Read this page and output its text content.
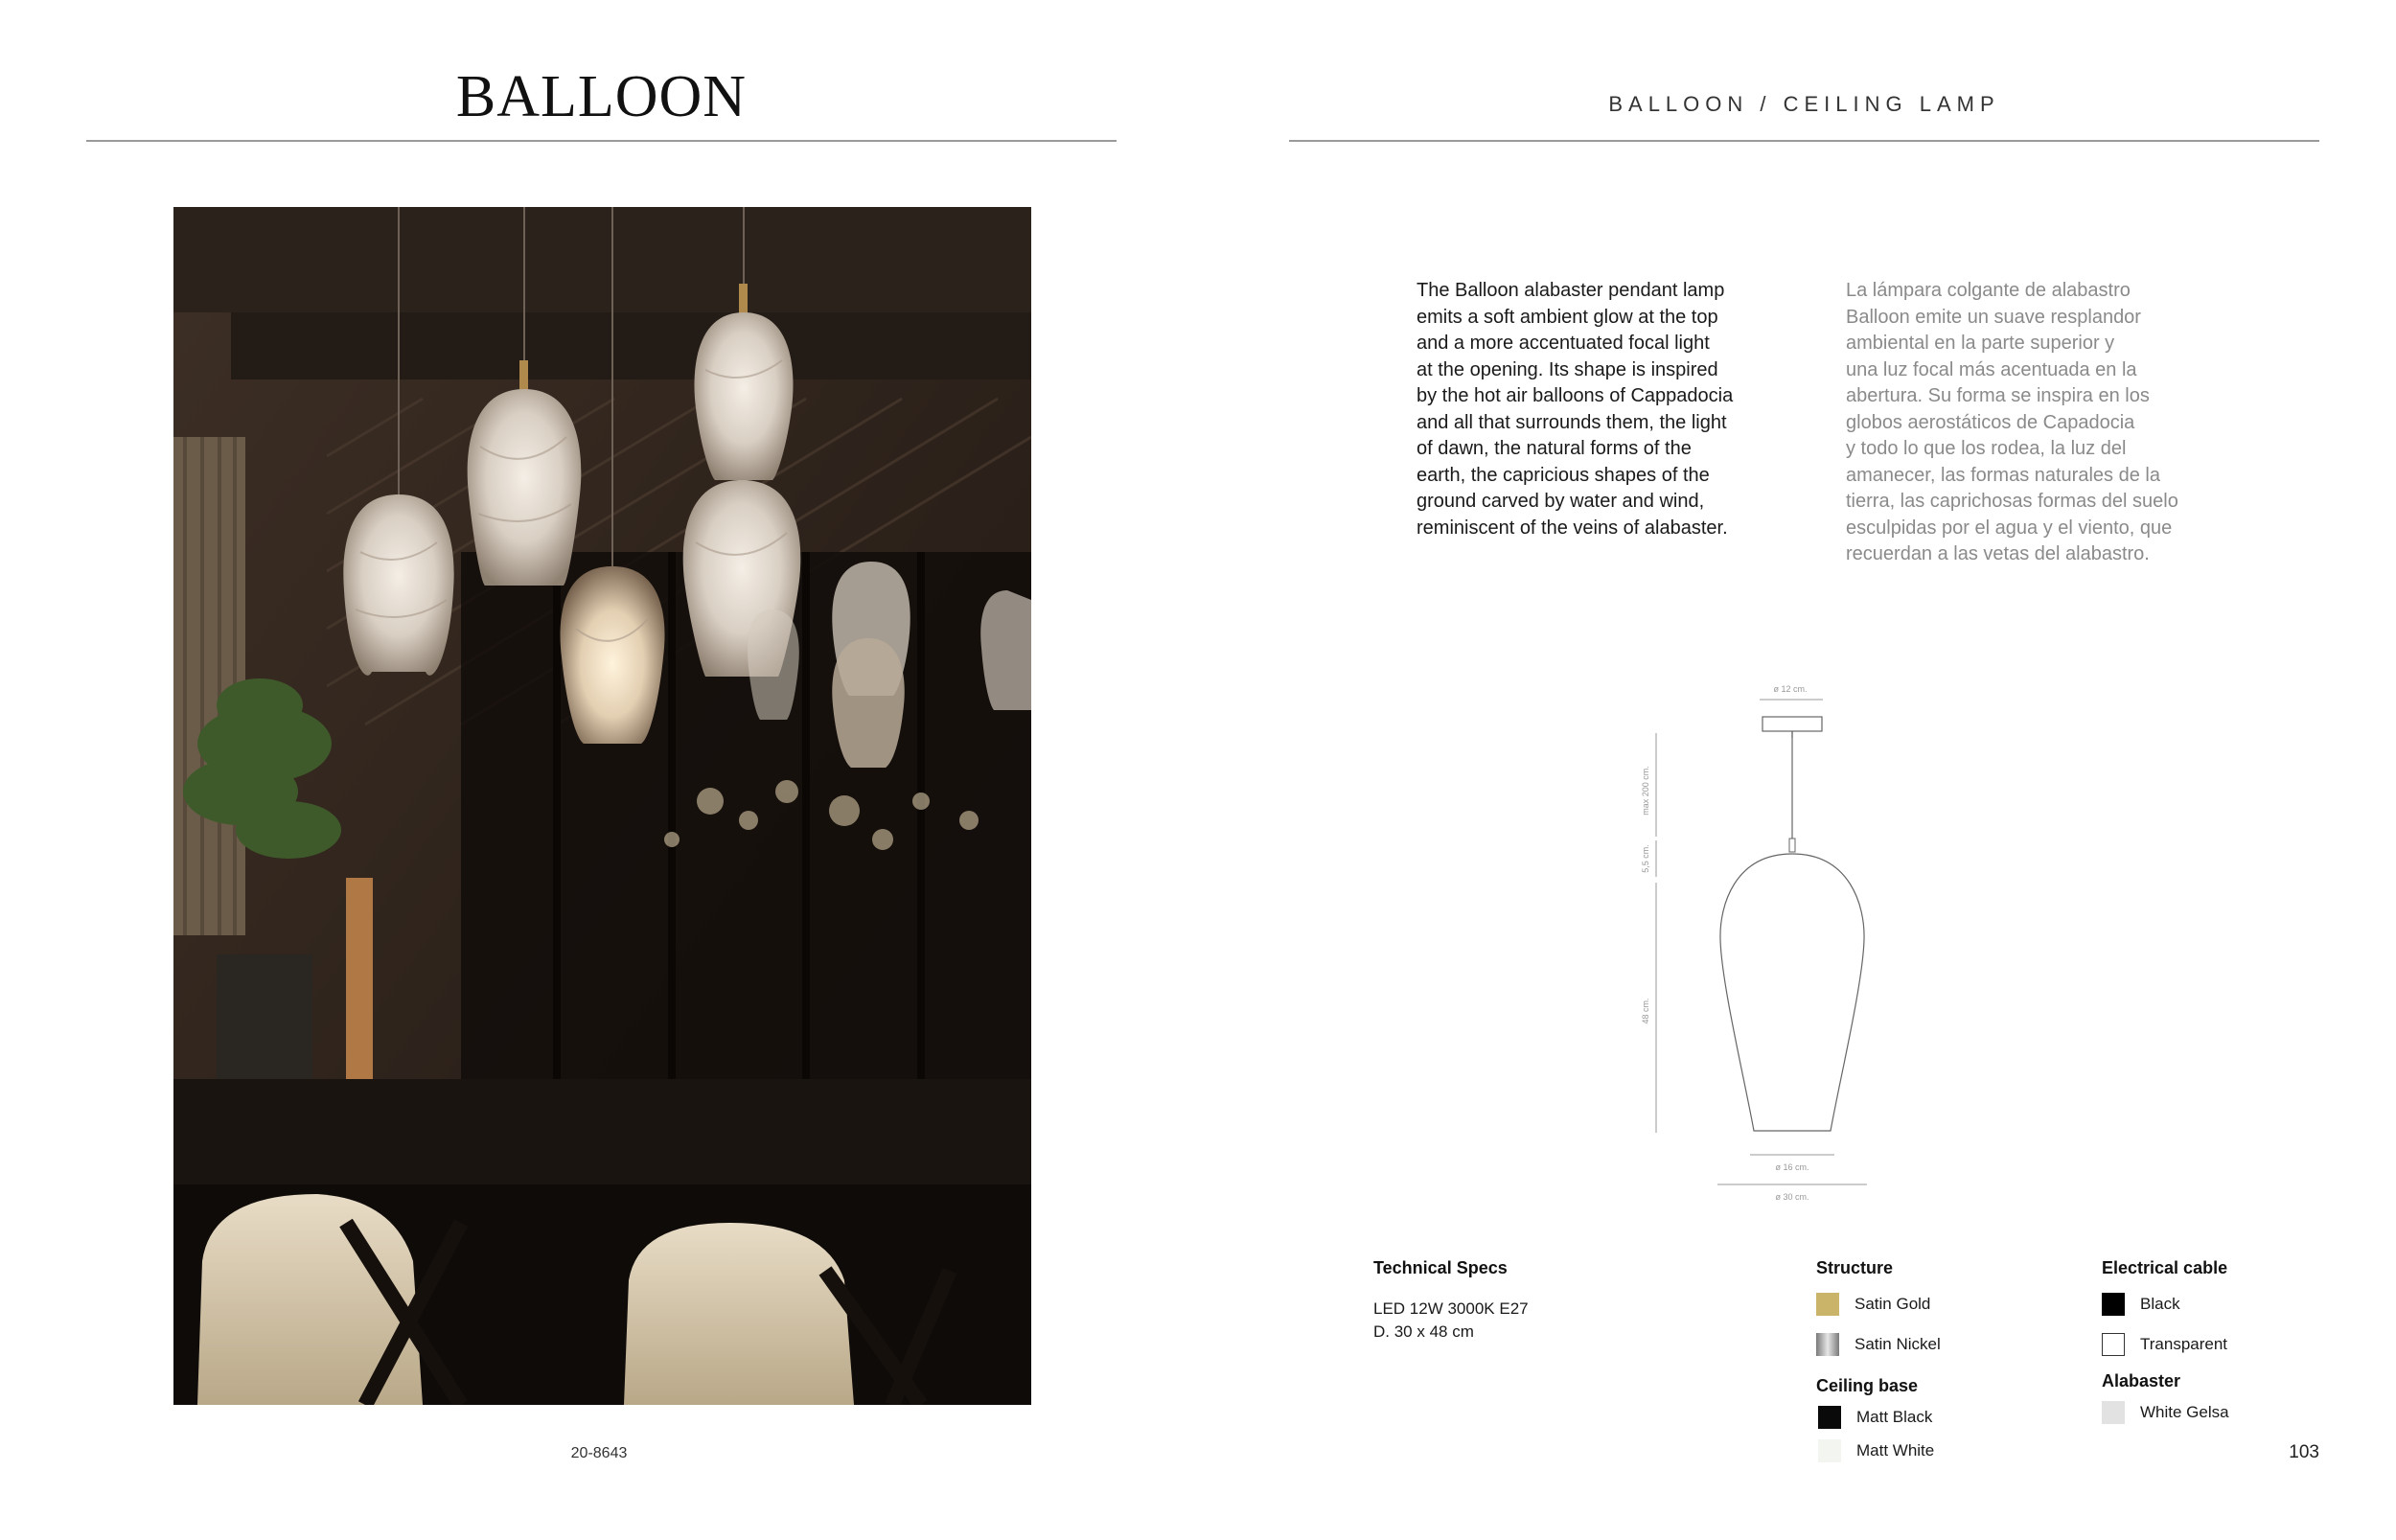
BALLOON
20-8643
BALLOON / CEILING LAMP

The Balloon alabaster pendant lamp
emits a soft ambient glow at the top
and a more accentuated focal light
at the opening. Its shape is inspired
by the hot air balloons of Cappadocia
and all that surrounds them, the light
of dawn, the natural forms of the
earth, the capricious shapes of the
ground carved by water and wind,
reminiscent of the veins of alabaster.

La lámpara colgante de alabastro
Balloon emite un suave resplandor
ambiental en la parte superior y
una luz focal más acentuada en la
abertura. Su forma se inspira en los
globos aerostáticos de Capadocia
y todo lo que los rodea, la luz del
amanecer, las formas naturales de la
tierra, las caprichosas formas del suelo
esculpidas por el agua y el viento, que
recuerdan a las vetas del alabastro.

ø 12 cm.
max 200 cm.
5,5 cm.
48 cm.
ø 16 cm.
ø 30 cm.
Technical Specs
LED 12W 3000K E27
D. 30 x 48 cm
Structure
Satin Gold
Satin Nickel
Ceiling base
Matt Black
Matt White
Electrical cable
Black
Transparent
Alabaster
White Gelsa
103
